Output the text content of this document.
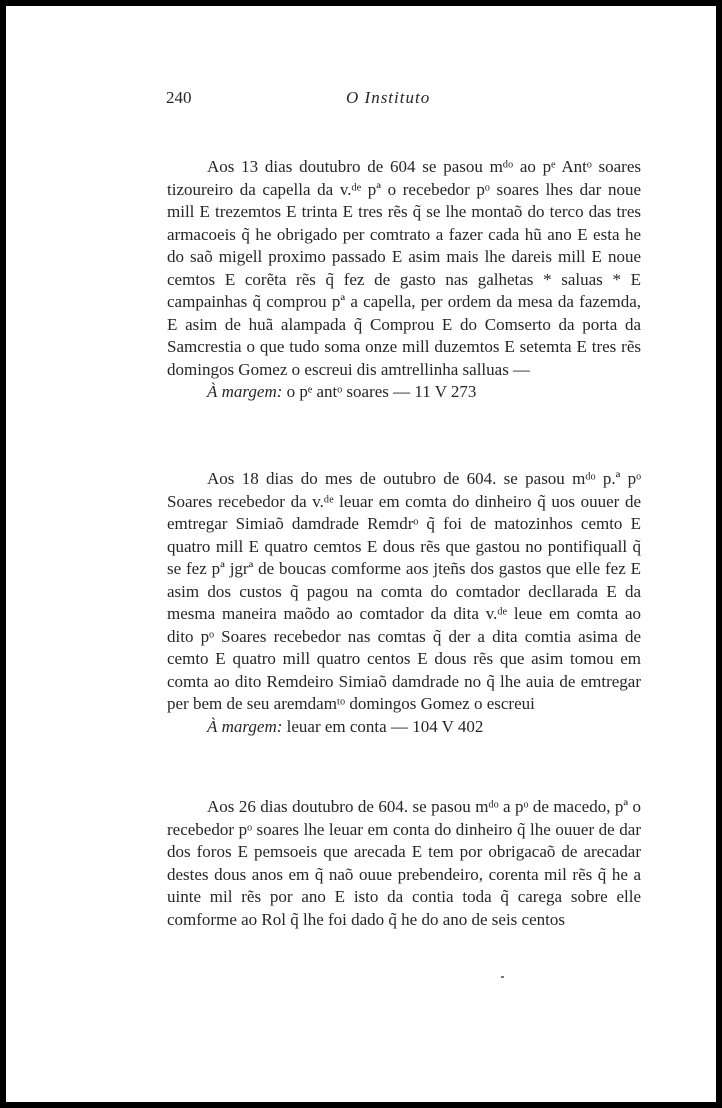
240	O Instituto

Aos 13 dias doutubro de 604 se pasou mᵈᵒ ao pᵉ Antᵒ soares tizoureiro da capella da v.ᵈᵉ pª o recebedor pᵒ soares lhes dar noue mill E trezemtos E trinta E tres rẽs q̃ se lhe montaõ do terco das tres armacoeis q̃ he obrigado per comtrato a fazer cada hũ ano E esta he do saõ migell proximo passado E asim mais lhe dareis mill E noue cemtos E corẽta rẽs q̃ fez de gasto nas galhetas * saluas * E campainhas q̃ comprou pª a capella, per ordem da mesa da fazemda, E asim de huã alampada q̃ Comprou E do Comserto da porta da Samcrestia o que tudo soma onze mill duzemtos E setemta E tres rẽs domingos Gomez o escreui dis amtrellinha salluas —

À margem: o pᵉ antᵒ soares — 11 V 273

Aos 18 dias do mes de outubro de 604. se pasou mᵈᵒ p.ª pᵒ Soares recebedor da v.ᵈᵉ leuar em comta do dinheiro q̃ uos ouuer de emtregar Simiaõ damdrade Remdrᵒ q̃ foi de matozinhos cemto E quatro mill E quatro cemtos E dous rẽs que gastou no pontifiquall q̃ se fez pª jgrª de boucas comforme aos jteñs dos gastos que elle fez E asim dos custos q̃ pagou na comta do comtador decllarada E da mesma maneira maõdo ao comtador da dita v.ᵈᵉ leue em comta ao dito pᵒ Soares recebedor nas comtas q̃ der a dita comtia asima de cemto E quatro mill quatro centos E dous rẽs que asim tomou em comta ao dito Remdeiro Simiaõ damdrade no q̃ lhe auia de emtregar per bem de seu aremdamᵗᵒ domingos Gomez o escreui

À margem: leuar em conta — 104 V 402

Aos 26 dias doutubro de 604. se pasou mᵈᵒ a pᵒ de macedo, pª o recebedor pᵒ soares lhe leuar em conta do dinheiro q̃ lhe ouuer de dar dos foros E pemsoeis que arecada E tem por obrigacaõ de arecadar destes dous anos em q̃ naõ ouue prebendeiro, corenta mil rẽs q̃ he a uinte mil rẽs por ano E isto da contia toda q̃ carega sobre elle comforme ao Rol q̃ lhe foi dado q̃ he do ano de seis centos
